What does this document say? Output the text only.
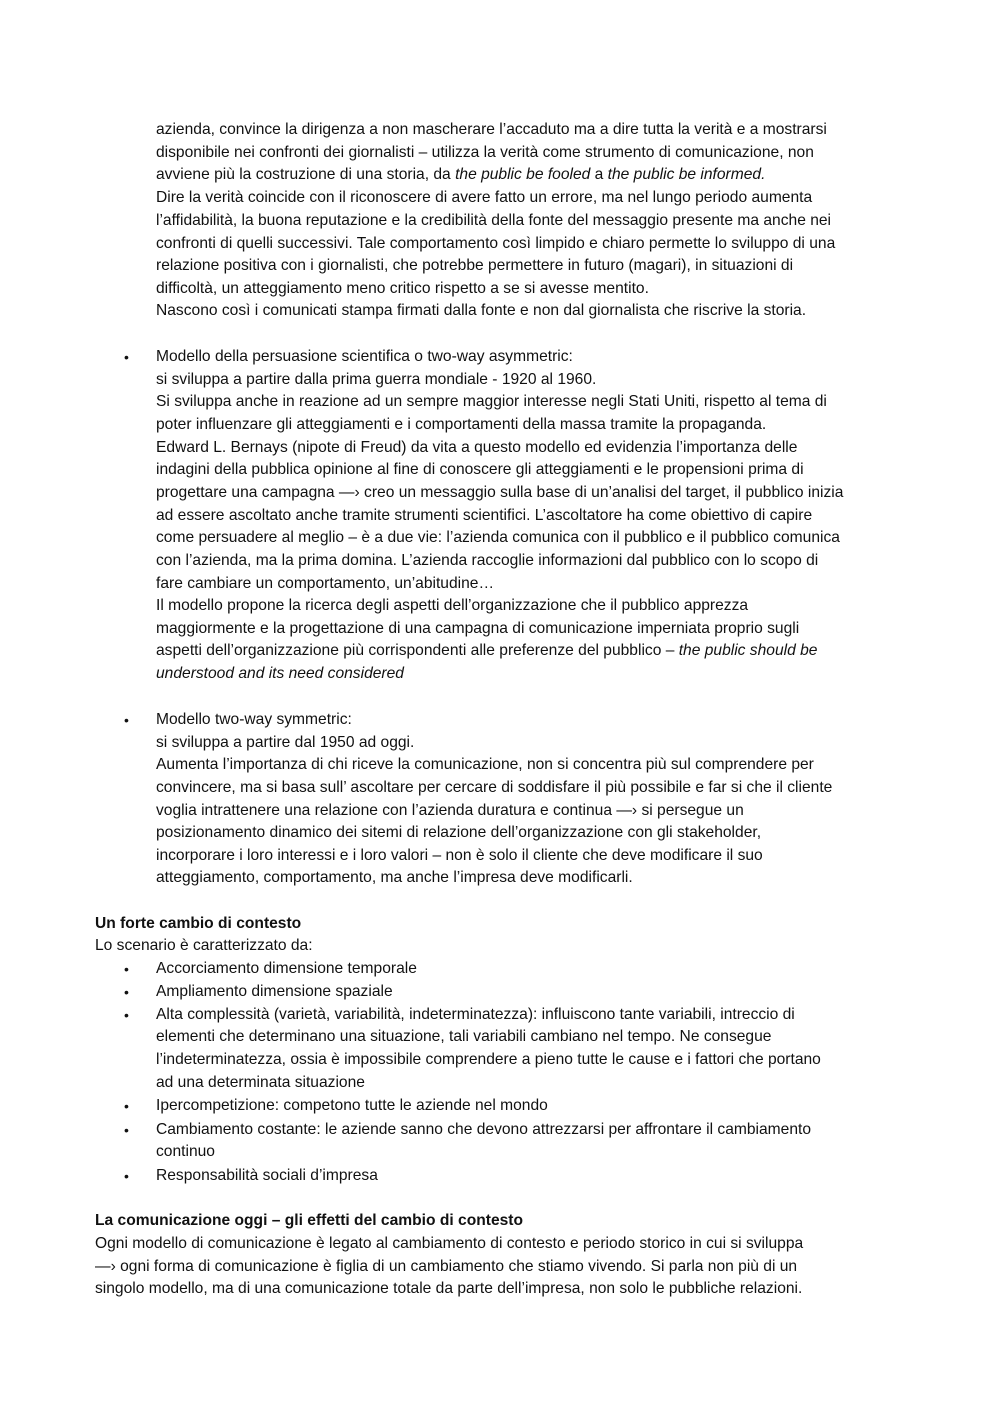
azienda, convince la dirigenza a non mascherare l’accaduto ma a dire tutta la verità e a mostrarsi
disponibile nei confronti dei giornalisti – utilizza la verità come strumento di comunicazione, non
avviene più la costruzione di una storia, da the public be fooled a the public be informed.
Dire la verità coincide con il riconoscere di avere fatto un errore, ma nel lungo periodo aumenta
l’affidabilità, la buona reputazione e la credibilità della fonte del messaggio presente ma anche nei
confronti di quelli successivi. Tale comportamento così limpido e chiaro permette lo sviluppo di una
relazione positiva con i giornalisti, che potrebbe permettere in futuro (magari), in situazioni di
difficoltà, un atteggiamento meno critico rispetto a se si avesse mentito.
Nascono così i comunicati stampa firmati dalla fonte e non dal giornalista che riscrive la storia.
• Modello della persuasione scientifica o two-way asymmetric:
si sviluppa a partire dalla prima guerra mondiale - 1920 al 1960.
Si sviluppa anche in reazione ad un sempre maggior interesse negli Stati Uniti, rispetto al tema di
poter influenzare gli atteggiamenti e i comportamenti della massa tramite la propaganda.
Edward L. Bernays (nipote di Freud) da vita a questo modello ed evidenzia l’importanza delle
indagini della pubblica opinione al fine di conoscere gli atteggiamenti e le propensioni prima di
progettare una campagna —› creo un messaggio sulla base di un’analisi del target, il pubblico inizia
ad essere ascoltato anche tramite strumenti scientifici. L’ascoltatore ha come obiettivo di capire
come persuadere al meglio – è a due vie: l’azienda comunica con il pubblico e il pubblico comunica
con l’azienda, ma la prima domina. L’azienda raccoglie informazioni dal pubblico con lo scopo di
fare cambiare un comportamento, un’abitudine…
Il modello propone la ricerca degli aspetti dell’organizzazione che il pubblico apprezza
maggiormente e la progettazione di una campagna di comunicazione imperniata proprio sugli
aspetti dell’organizzazione più corrispondenti alle preferenze del pubblico – the public should be
understood and its need considered
• Modello two-way symmetric:
si sviluppa a partire dal 1950 ad oggi.
Aumenta l’importanza di chi riceve la comunicazione, non si concentra più sul comprendere per
convincere, ma si basa sull’ ascoltare per cercare di soddisfare il più possibile e far si che il cliente
voglia intrattenere una relazione con l’azienda duratura e continua —› si persegue un
posizionamento dinamico dei sitemi di relazione dell’organizzazione con gli stakeholder,
incorporare i loro interessi e i loro valori – non è solo il cliente che deve modificare il suo
atteggiamento, comportamento, ma anche l’impresa deve modificarli.
Un forte cambio di contesto
Lo scenario è caratterizzato da:
• Accorciamento dimensione temporale
• Ampliamento dimensione spaziale
• Alta complessità (varietà, variabilità, indeterminatezza): influiscono tante variabili, intreccio di
elementi che determinano una situazione, tali variabili cambiano nel tempo. Ne consegue
l’indeterminatezza, ossia è impossibile comprendere a pieno tutte le cause e i fattori che portano
ad una determinata situazione
• Ipercompetizione: competono tutte le aziende nel mondo
• Cambiamento costante: le aziende sanno che devono attrezzarsi per affrontare il cambiamento
continuo
• Responsabilità sociali d’impresa
La comunicazione oggi – gli effetti del cambio di contesto
Ogni modello di comunicazione è legato al cambiamento di contesto e periodo storico in cui si sviluppa
—› ogni forma di comunicazione è figlia di un cambiamento che stiamo vivendo. Si parla non più di un
singolo modello, ma di una comunicazione totale da parte dell’impresa, non solo le pubbliche relazioni.
